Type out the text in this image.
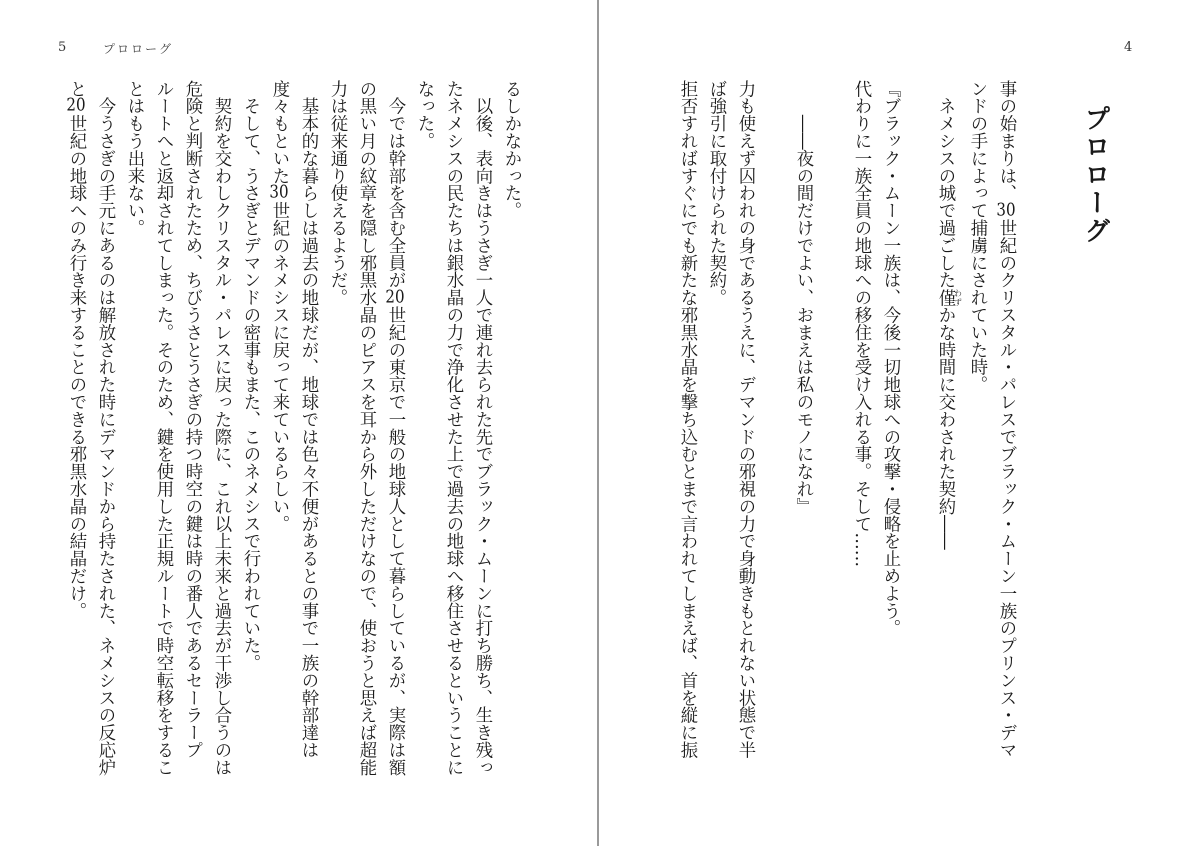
5	プロローグ	4
プロローグ
事の始まりは、30世紀のクリスタル・パレスでブラック・ムーン一族のプリンス・デマ
ンドの手によって捕虜にされていた時。
　ネメシスの城で過ごした僅わずかな時間に交わされた契約――
『ブラック・ムーン一族は、今後一切地球への攻撃・侵略を止めよう。
代わりに一族全員の地球への移住を受け入れる事。そして……
　　――夜の間だけでよい、おまえは私のモノになれ』
力も使えず囚われの身であるうえに、デマンドの邪視の力で身動きもとれない状態で半
ば強引に取付けられた契約。
拒否すればすぐにでも新たな邪黒水晶を撃ち込むとまで言われてしまえば、首を縦に振
るしかなかった。
　以後、表向きはうさぎ一人で連れ去られた先でブラック・ムーンに打ち勝ち、生き残っ
たネメシスの民たちは銀水晶の力で浄化させた上で過去の地球へ移住させるということに
なった。
　今では幹部を含む全員が20世紀の東京で一般の地球人として暮らしているが、実際は額
の黒い月の紋章を隠し邪黒水晶のピアスを耳から外しただけなので、使おうと思えば超能
力は従来通り使えるようだ。
　基本的な暮らしは過去の地球だが、地球では色々不便があるとの事で一族の幹部達は
度々もといた30世紀のネメシスに戻って来ているらしい。
　そして、うさぎとデマンドの密事もまた、このネメシスで行われていた。
　契約を交わしクリスタル・パレスに戻った際に、これ以上未来と過去が干渉し合うのは
危険と判断されたため、ちびうさとうさぎの持つ時空の鍵は時の番人であるセーラープ
ルートへと返却されてしまった。そのため、鍵を使用した正規ルートで時空転移をするこ
とはもう出来ない。
　今うさぎの手元にあるのは解放された時にデマンドから持たされた、ネメシスの反応炉
と20世紀の地球へのみ行き来することのできる邪黒水晶の結晶だけ。
